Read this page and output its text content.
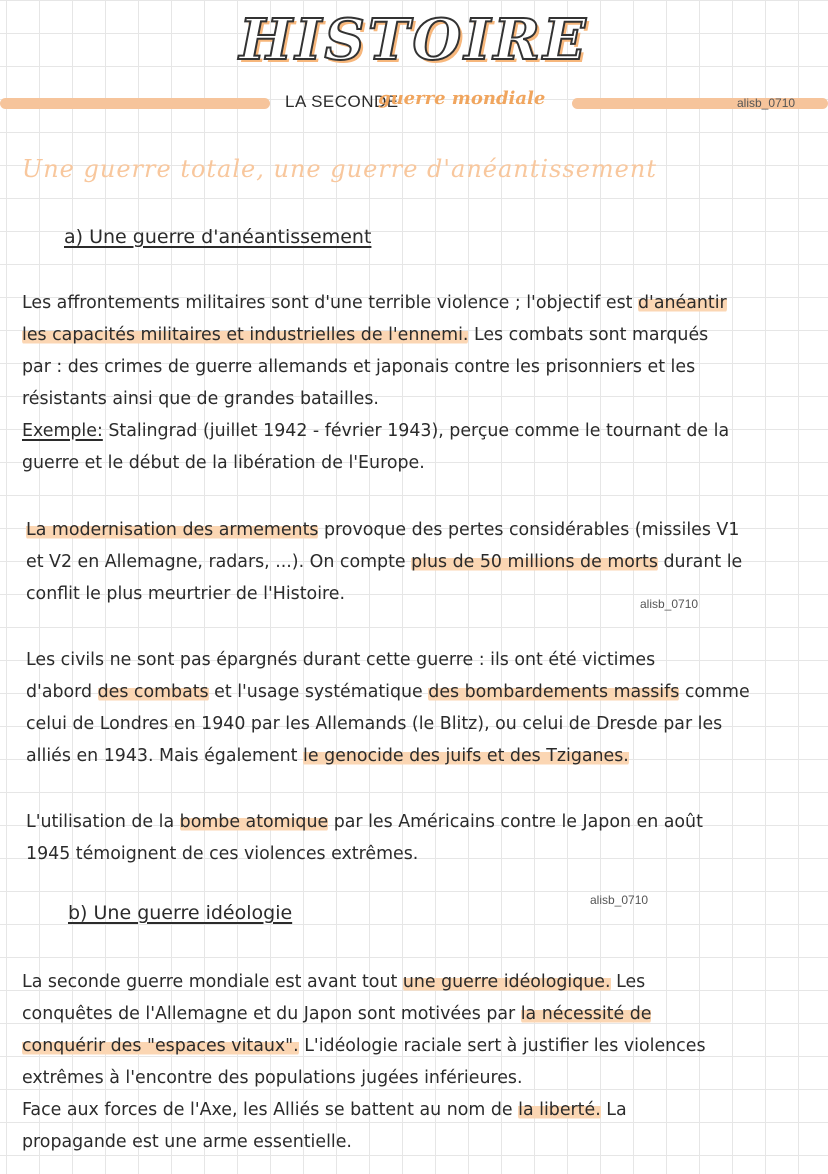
HISTOIRE
LA SECONDE
guerre mondiale	alisb_0710
Une guerre totale, une guerre d'anéantissement
a) Une guerre d'anéantissement
Les affrontements militaires sont d'une terrible violence ; l'objectif est d'anéantir
les capacités militaires et industrielles de l'ennemi. Les combats sont marqués
par : des crimes de guerre allemands et japonais contre les prisonniers et les
résistants ainsi que de grandes batailles.
Exemple: Stalingrad (juillet 1942 - février 1943), perçue comme le tournant de la
guerre et le début de la libération de l'Europe.
La modernisation des armements provoque des pertes considérables (missiles V1
et V2 en Allemagne, radars, ...). On compte plus de 50 millions de morts durant le
conflit le plus meurtrier de l'Histoire.	alisb_0710
Les civils ne sont pas épargnés durant cette guerre : ils ont été victimes
d'abord des combats et l'usage systématique des bombardements massifs comme
celui de Londres en 1940 par les Allemands (le Blitz), ou celui de Dresde par les
alliés en 1943. Mais également le genocide des juifs et des Tziganes.
L'utilisation de la bombe atomique par les Américains contre le Japon en août
1945 témoignent de ces violences extrêmes.
alisb_0710
b) Une guerre idéologie
La seconde guerre mondiale est avant tout une guerre idéologique. Les
conquêtes de l'Allemagne et du Japon sont motivées par la nécessité de
conquérir des "espaces vitaux". L'idéologie raciale sert à justifier les violences
extrêmes à l'encontre des populations jugées inférieures.
Face aux forces de l'Axe, les Alliés se battent au nom de la liberté. La
propagande est une arme essentielle.
